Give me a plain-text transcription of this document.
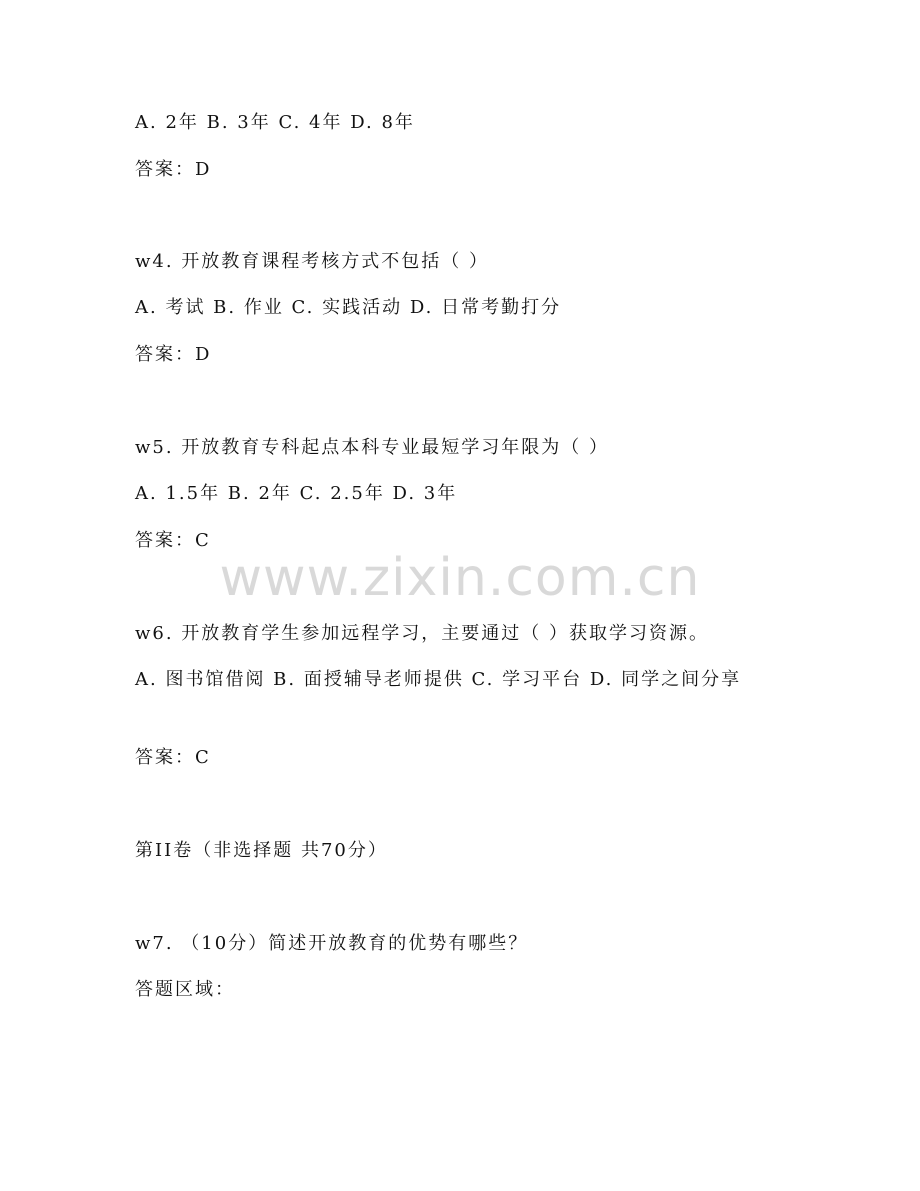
A. 2年 B. 3年 C. 4年 D. 8年
答案：D
w4. 开放教育课程考核方式不包括（ ）
A. 考试 B. 作业 C. 实践活动 D. 日常考勤打分
答案：D
w5. 开放教育专科起点本科专业最短学习年限为（ ）
A. 1.5年 B. 2年 C. 2.5年 D. 3年
答案：C
www.zixin.com.cn
w6. 开放教育学生参加远程学习，主要通过（ ）获取学习资源。
A. 图书馆借阅 B. 面授辅导老师提供 C. 学习平台 D. 同学之间分享
答案：C
第II卷（非选择题 共70分）
w7. （10分）简述开放教育的优势有哪些？
答题区域：
